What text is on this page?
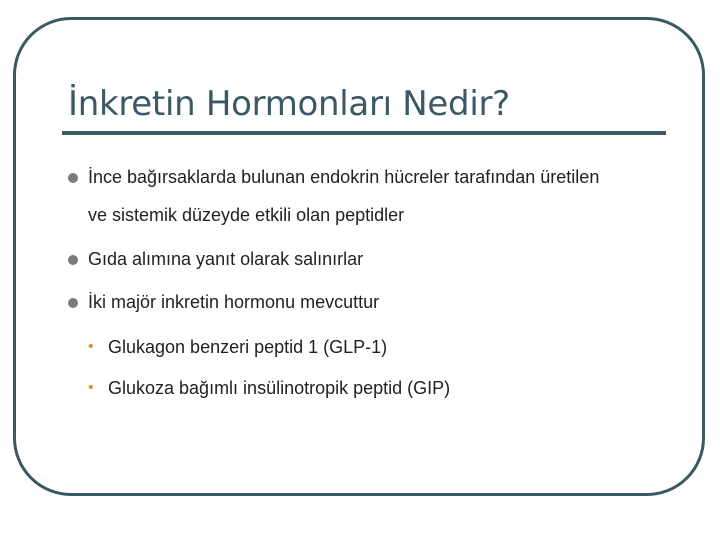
İnkretin Hormonları Nedir?
İnce bağırsaklarda bulunan endokrin hücreler tarafından üretilen
ve sistemik düzeyde etkili olan peptidler
Gıda alımına yanıt olarak salınırlar
İki majör inkretin hormonu mevcuttur
• Glukagon benzeri peptid 1 (GLP-1)
• Glukoza bağımlı insülinotropik peptid (GIP)
